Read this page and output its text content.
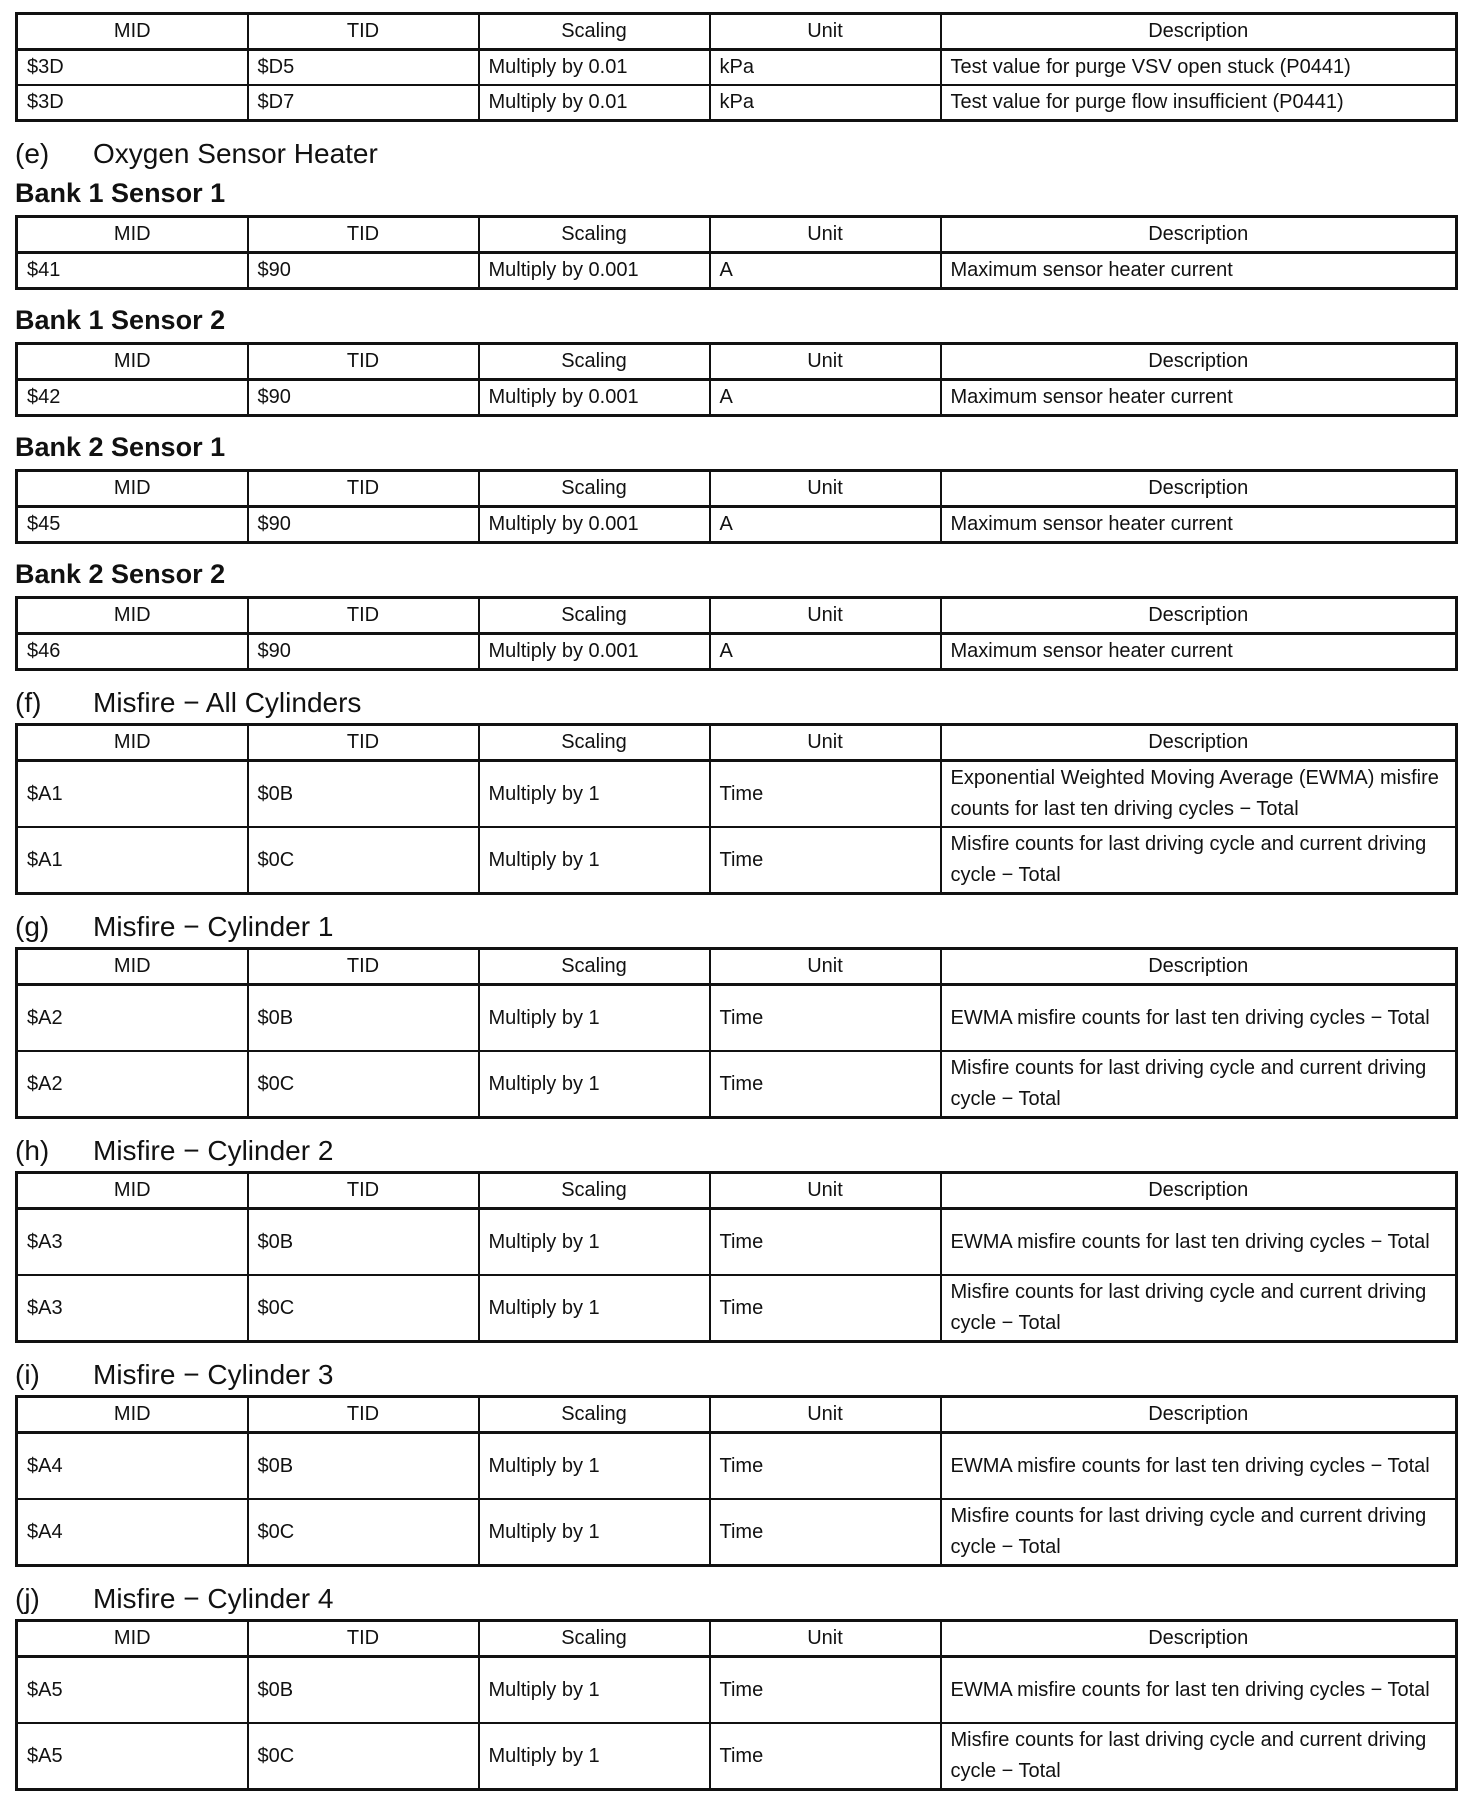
MID	TID	Scaling	Unit	Description
$3D	$D5	Multiply by 0.01	kPa	Test value for purge VSV open stuck (P0441)
$3D	$D7	Multiply by 0.01	kPa	Test value for purge flow insufficient (P0441)
(e) Oxygen Sensor Heater
Bank 1 Sensor 1
MID	TID	Scaling	Unit	Description
$41	$90	Multiply by 0.001	A	Maximum sensor heater current
Bank 1 Sensor 2
MID	TID	Scaling	Unit	Description
$42	$90	Multiply by 0.001	A	Maximum sensor heater current
Bank 2 Sensor 1
MID	TID	Scaling	Unit	Description
$45	$90	Multiply by 0.001	A	Maximum sensor heater current
Bank 2 Sensor 2
MID	TID	Scaling	Unit	Description
$46	$90	Multiply by 0.001	A	Maximum sensor heater current
(f) Misfire − All Cylinders
MID	TID	Scaling	Unit	Description
$A1	$0B	Multiply by 1	Time	Exponential Weighted Moving Average (EWMA) misfire counts for last ten driving cycles − Total
$A1	$0C	Multiply by 1	Time	Misfire counts for last driving cycle and current driving cycle − Total
(g) Misfire − Cylinder 1
MID	TID	Scaling	Unit	Description
$A2	$0B	Multiply by 1	Time	EWMA misfire counts for last ten driving cycles − Total
$A2	$0C	Multiply by 1	Time	Misfire counts for last driving cycle and current driving cycle − Total
(h) Misfire − Cylinder 2
MID	TID	Scaling	Unit	Description
$A3	$0B	Multiply by 1	Time	EWMA misfire counts for last ten driving cycles − Total
$A3	$0C	Multiply by 1	Time	Misfire counts for last driving cycle and current driving cycle − Total
(i) Misfire − Cylinder 3
MID	TID	Scaling	Unit	Description
$A4	$0B	Multiply by 1	Time	EWMA misfire counts for last ten driving cycles − Total
$A4	$0C	Multiply by 1	Time	Misfire counts for last driving cycle and current driving cycle − Total
(j) Misfire − Cylinder 4
MID	TID	Scaling	Unit	Description
$A5	$0B	Multiply by 1	Time	EWMA misfire counts for last ten driving cycles − Total
$A5	$0C	Multiply by 1	Time	Misfire counts for last driving cycle and current driving cycle − Total
